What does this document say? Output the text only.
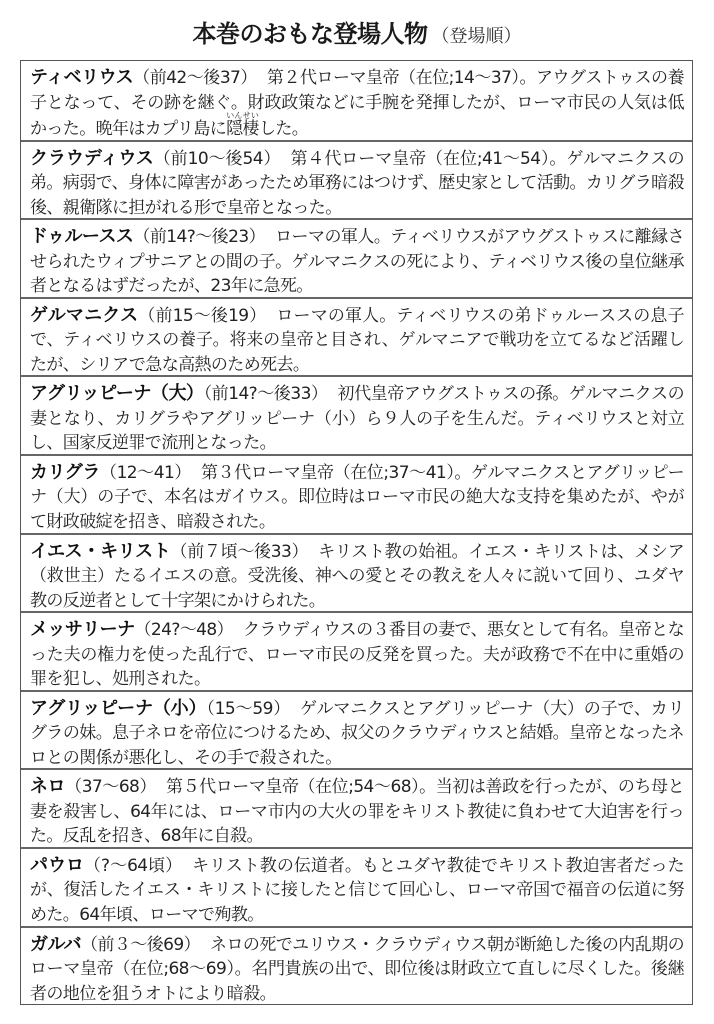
本巻のおもな登場人物 （登場順）
ティベリウス（前42〜後37） 第２代ローマ皇帝（在位;14〜37）。アウグストゥスの養子となって、その跡を継ぐ。財政政策などに手腕を発揮したが、ローマ市民の人気は低かった。晩年はカプリ島に隠棲いんせいした。
クラウディウス（前10〜後54） 第４代ローマ皇帝（在位;41〜54）。ゲルマニクスの弟。病弱で、身体に障害があったため軍務にはつけず、歴史家として活動。カリグラ暗殺後、親衛隊に担がれる形で皇帝となった。
ドゥルースス（前14?〜後23） ローマの軍人。ティベリウスがアウグストゥスに離縁させられたウィプサニアとの間の子。ゲルマニクスの死により、ティベリウス後の皇位継承者となるはずだったが、23年に急死。
ゲルマニクス（前15〜後19） ローマの軍人。ティベリウスの弟ドゥルーススの息子で、ティベリウスの養子。将来の皇帝と目され、ゲルマニアで戦功を立てるなど活躍したが、シリアで急な高熱のため死去。
アグリッピーナ（大）（前14?〜後33） 初代皇帝アウグストゥスの孫。ゲルマニクスの妻となり、カリグラやアグリッピーナ（小）ら９人の子を生んだ。ティベリウスと対立し、国家反逆罪で流刑となった。
カリグラ（12〜41） 第３代ローマ皇帝（在位;37〜41）。ゲルマニクスとアグリッピーナ（大）の子で、本名はガイウス。即位時はローマ市民の絶大な支持を集めたが、やがて財政破綻を招き、暗殺された。
イエス・キリスト（前７頃〜後33） キリスト教の始祖。イエス・キリストは、メシア（救世主）たるイエスの意。受洗後、神への愛とその教えを人々に説いて回り、ユダヤ教の反逆者として十字架にかけられた。
メッサリーナ（24?〜48） クラウディウスの３番目の妻で、悪女として有名。皇帝となった夫の権力を使った乱行で、ローマ市民の反発を買った。夫が政務で不在中に重婚の罪を犯し、処刑された。
アグリッピーナ（小）（15〜59） ゲルマニクスとアグリッピーナ（大）の子で、カリグラの妹。息子ネロを帝位につけるため、叔父のクラウディウスと結婚。皇帝となったネロとの関係が悪化し、その手で殺された。
ネロ（37〜68） 第５代ローマ皇帝（在位;54〜68）。当初は善政を行ったが、のち母と妻を殺害し、64年には、ローマ市内の大火の罪をキリスト教徒に負わせて大迫害を行った。反乱を招き、68年に自殺。
パウロ（?〜64頃） キリスト教の伝道者。もとユダヤ教徒でキリスト教迫害者だったが、復活したイエス・キリストに接したと信じて回心し、ローマ帝国で福音の伝道に努めた。64年頃、ローマで殉教。
ガルバ（前３〜後69） ネロの死でユリウス・クラウディウス朝が断絶した後の内乱期のローマ皇帝（在位;68〜69）。名門貴族の出で、即位後は財政立て直しに尽くした。後継者の地位を狙うオトにより暗殺。
